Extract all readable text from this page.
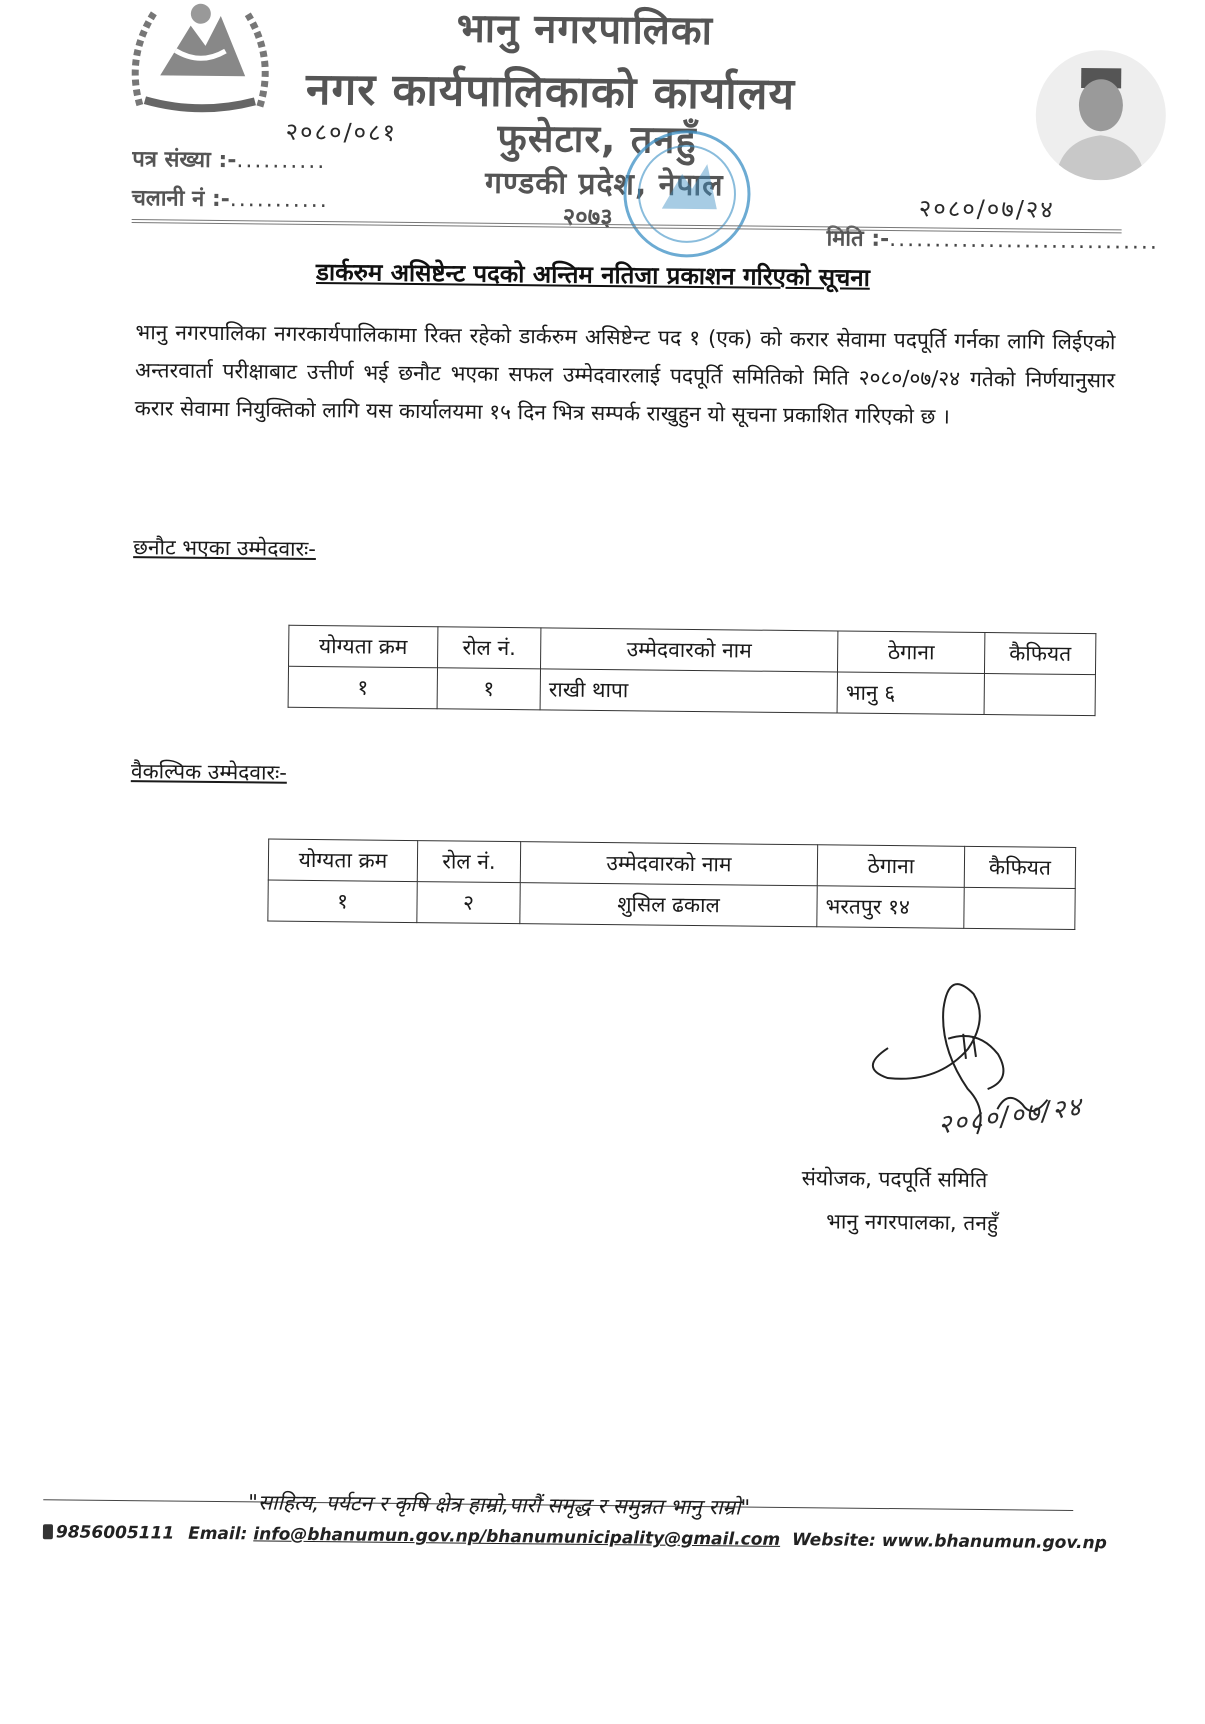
भानु नगरपालिका
नगर कार्यपालिकाको कार्यालय
फुसेटार, तनहुँ
गण्डकी प्रदेश, नेपाल
२०७३
२०८०/०८१
पत्र संख्या :-..........
चलानी नं :-...........	२०८०/०७/२४
मिति :-..............................
डार्करुम असिष्टेन्ट पदको अन्तिम नतिजा प्रकाशन गरिएको सूचना
भानु नगरपालिका नगरकार्यपालिकामा रिक्त रहेको डार्करुम असिष्टेन्ट पद १ (एक) को करार सेवामा पदपूर्ति गर्नका लागि लिईएको अन्तरवार्ता परीक्षाबाट उत्तीर्ण भई छनौट भएका सफल उम्मेदवारलाई पदपूर्ति समितिको मिति २०८०/०७/२४ गतेको निर्णयानुसार करार सेवामा नियुक्तिको लागि यस कार्यालयमा १५ दिन भित्र सम्पर्क राखुहुन यो सूचना प्रकाशित गरिएको छ ।
छनौट भएका उम्मेदवारः-
योग्यता क्रम	रोल नं.	उम्मेदवारको नाम	ठेगाना	कैफियत
१	१	राखी थापा	भानु ६	
वैकल्पिक उम्मेदवारः-
योग्यता क्रम	रोल नं.	उम्मेदवारको नाम	ठेगाना	कैफियत
१	२	शुसिल ढकाल	भरतपुर १४	
२०८०/०७/२४
संयोजक, पदपूर्ति समिति
भानु नगरपालका, तनहुँ
"साहित्य, पर्यटन र कृषि क्षेत्र हाम्रो,पारौं समृद्ध र समुन्नत भानु राम्रो"
9856005111 Email: info@bhanumun.gov.np/bhanumunicipality@gmail.com Website: www.bhanumun.gov.np
